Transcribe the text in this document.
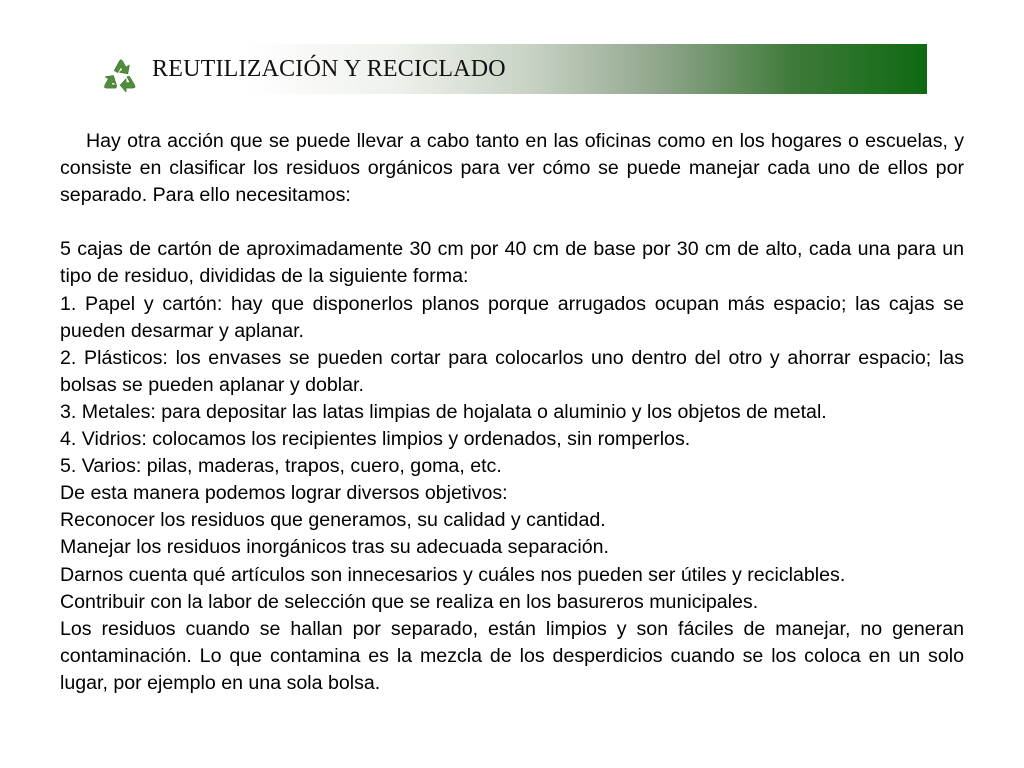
REUTILIZACIÓN Y RECICLADO

Hay otra acción que se puede llevar a cabo tanto en las oficinas como en los hogares o escuelas, y consiste en clasificar los residuos orgánicos para ver cómo se puede manejar cada uno de ellos por separado. Para ello necesitamos:

5 cajas de cartón de aproximadamente 30 cm por 40 cm de base por 30 cm de alto, cada una para un tipo de residuo, divididas de la siguiente forma:

1. Papel y cartón: hay que disponerlos planos porque arrugados ocupan más espacio; las cajas se pueden desarmar y aplanar.

2. Plásticos: los envases se pueden cortar para colocarlos uno dentro del otro y ahorrar espacio; las bolsas se pueden aplanar y doblar.

3. Metales: para depositar las latas limpias de hojalata o aluminio y los objetos de metal.

4. Vidrios: colocamos los recipientes limpios y ordenados, sin romperlos.

5. Varios: pilas, maderas, trapos, cuero, goma, etc.

De esta manera podemos lograr diversos objetivos:

Reconocer los residuos que generamos, su calidad y cantidad.

Manejar los residuos inorgánicos tras su adecuada separación.

Darnos cuenta qué artículos son innecesarios y cuáles nos pueden ser útiles y reciclables.

Contribuir con la labor de selección que se realiza en los basureros municipales.

Los residuos cuando se hallan por separado, están limpios y son fáciles de manejar, no generan contaminación. Lo que contamina es la mezcla de los desperdicios cuando se los coloca en un solo lugar, por ejemplo en una sola bolsa.
